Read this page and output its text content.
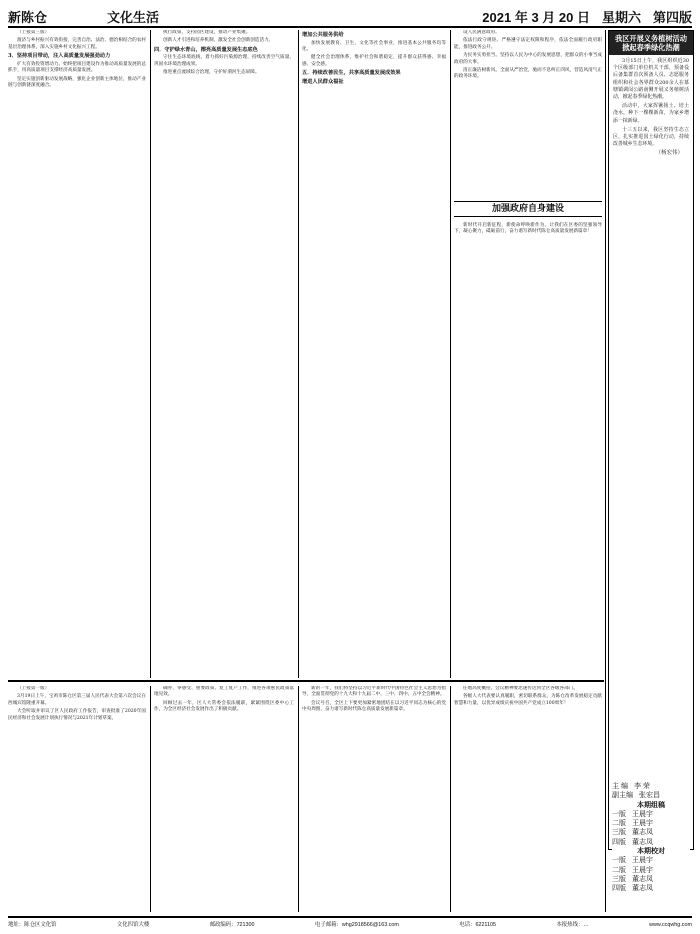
新陈仓	文化生活	2021 年 3 月 20 日 星期六 第四版

（上接第三版）

渡济与乡村振兴有效衔接，完善自治、法治、德治相结合的农村基层治理体系，深入实施乡村文化振兴工程。

3．坚持项目带动，注入高质量发展强劲动力

扩大有效投资增动力。始终把项目建设作为推动高质量发展的总抓手，用高质量项目支撑经济高质量发展。

坚定实施创新驱动发展战略，强化企业创新主体地位，推动产业链与创新链深度融合。

执行政策，支持园区建设，推动产业集聚。

创新人才引进和培养机制，激发全社会创新创造活力。

四．守护绿水青山，擦亮高质量发展生态底色

守住生态环境底线，着力抓好污染源治理，持续改善空气质量，巩固水环境治理成果。

推进重点流域综合治理，守护好渭河生态屏障。

增加公共服务供给

加快发展教育、卫生、文化等社会事业，推进基本公共服务均等化。

健全社会治理体系，维护社会和谐稳定，提升群众获得感、幸福感、安全感。

五．持续改善民生，共享高质量发展成效果
增进人民群众福祉

设人民满意政府。

依法行政守规矩。严格遵守法定权限和程序，依法全面履行政府职能，推进政务公开。

为民务实勇担当。坚持以人民为中心的发展思想，把群众的小事当成政府的大事。

清正廉洁树新风。全面从严治党，驰而不息纠正四风，营造风清气正的政务环境。

加强政府自身建设

新时代开启新征程，新使命呼唤新作为。让我们在区委的坚强领导下，凝心聚力，砥砺前行，奋力谱写新时代陈仓高质量发展新篇章！

（上接第一版）

3月19日上午，宝鸡市陈仓区第三届人民代表大会第六次会议在西城宾馆隆重开幕。

大会听取并审议了区人民政府工作报告，审查批准了2020年国民经济和社会发展计划执行情况与2021年计划草案。

确办、零感受、重要政策、复工复产工作，推进各项惠民政策落地见效。

回顾过去一年，区人大常委会依法履职，紧紧围绕区委中心工作，为全区经济社会发展作出了积极贡献。

新的一年，我们将坚持以习近平新时代中国特色社会主义思想为指导，全面贯彻党的十九大和十九届二中、三中、四中、五中全会精神。

会议号召，全区上下要更加紧密地团结在以习近平同志为核心的党中央周围，奋力谱写新时代陈仓高质量发展新篇章。

任地高度概括，会议精神要迅速传达到全区各级各部门。

各级人大代表要认真履职，密切联系群众，为陈仓改革发展稳定贡献智慧和力量，以优异成绩庆祝中国共产党成立100周年！

我区开展义务植树活动
掀起春季绿化热潮

3月15日上午，我区组织近30个区级部门单位机关干部，预备役后备集群首次预备人员、志愿服务组织和社会各界群众200余人在慕塘镇调闵公路南侧开展义务植树活动，掀起春季绿化热潮。

活动中，大家挥锹扬土、培土浇水，种下一棵棵新苗，为家乡增添一抹新绿。

十三五以来，我区坚持生态立区，扎实推进国土绿化行动，持续改善城乡生态环境。

（杨宏伟）
主 编 李 荣
副主编 张宏昌
本期组稿
一版 王晨宇
二版 王晨宇
三版 董志凤
四版 董志凤
本期校对
一版 王晨宇
二版 王晨宇
三版 董志凤
四版 董志凤
地址：陈仓区文化馆	文化四馆大楼	邮政编码：721300	电子邮箱：whg2918566@163.com	电话：6221105	本报热线：…	www.ccqwhg.com
